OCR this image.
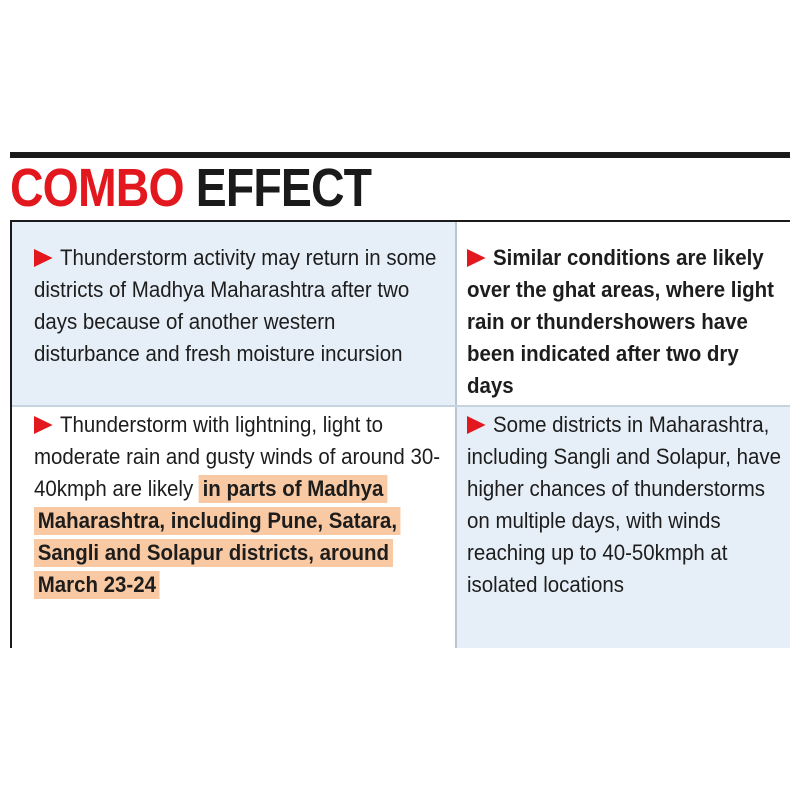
COMBO EFFECT
Thunderstorm activity may return in some districts of Madhya Maharashtra after two days because of another western disturbance and fresh moisture incursion
Similar conditions are likely over the ghat areas, where light rain or thundershowers have been indicated after two dry days
Thunderstorm with lightning, light to moderate rain and gusty winds of around 30-40kmph are likely in parts of Madhya Maharashtra, including Pune, Satara, Sangli and Solapur districts, around March 23-24
Some districts in Maharashtra, including Sangli and Solapur, have higher chances of thunderstorms on multiple days, with winds reaching up to 40-50kmph at isolated locations
